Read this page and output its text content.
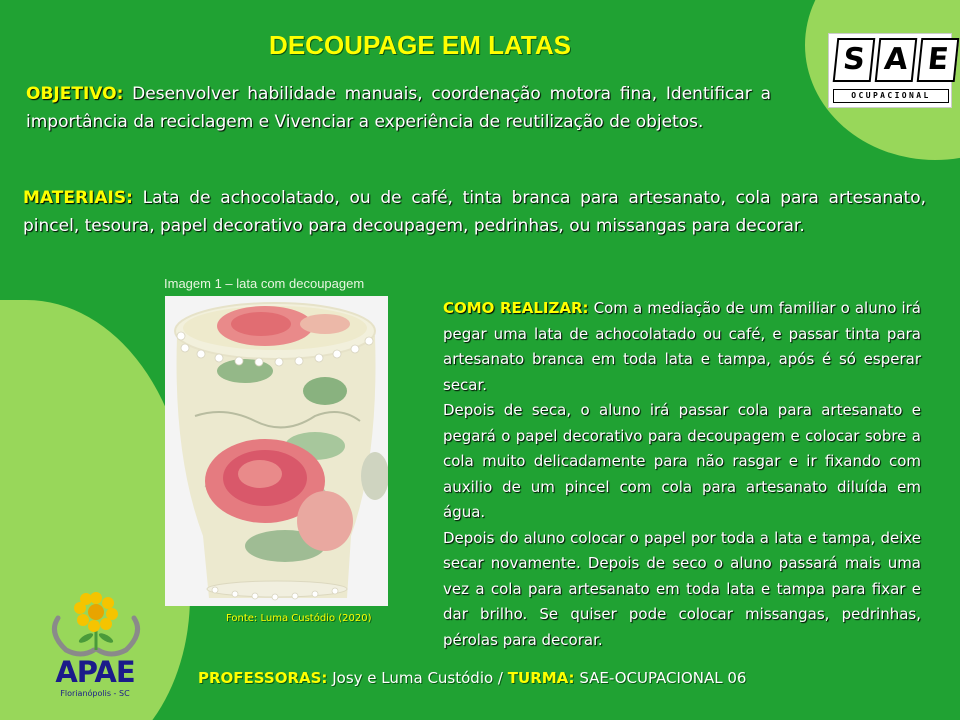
DECOUPAGE EM LATAS	S A E
OCUPACIONAL
OBJETIVO: Desenvolver habilidade manuais, coordenação motora fina, Identificar a importância da reciclagem e Vivenciar a experiência de reutilização de objetos.
MATERIAIS: Lata de achocolatado, ou de café, tinta branca para artesanato, cola para artesanato, pincel, tesoura, papel decorativo para decoupagem, pedrinhas, ou missangas para decorar.
Imagem 1 – lata com decoupagem
Fonte: Luma Custódio (2020)

COMO REALIZAR: Com a mediação de um familiar o aluno irá pegar uma lata de achocolatado ou café, e passar tinta para artesanato branca em toda lata e tampa, após é só esperar secar.

Depois de seca, o aluno irá passar cola para artesanato e pegará o papel decorativo para decoupagem e colocar sobre a cola muito delicadamente para não rasgar e ir fixando com auxilio de um pincel com cola para artesanato diluída em água.

Depois do aluno colocar o papel por toda a lata e tampa, deixe secar novamente. Depois de seco o aluno passará mais uma vez a cola para artesanato em toda lata e tampa para fixar e dar brilho. Se quiser pode colocar missangas, pedrinhas, pérolas para decorar.

PROFESSORAS: Josy e Luma Custódio / TURMA: SAE-OCUPACIONAL 06
APAE
Florianópolis - SC
